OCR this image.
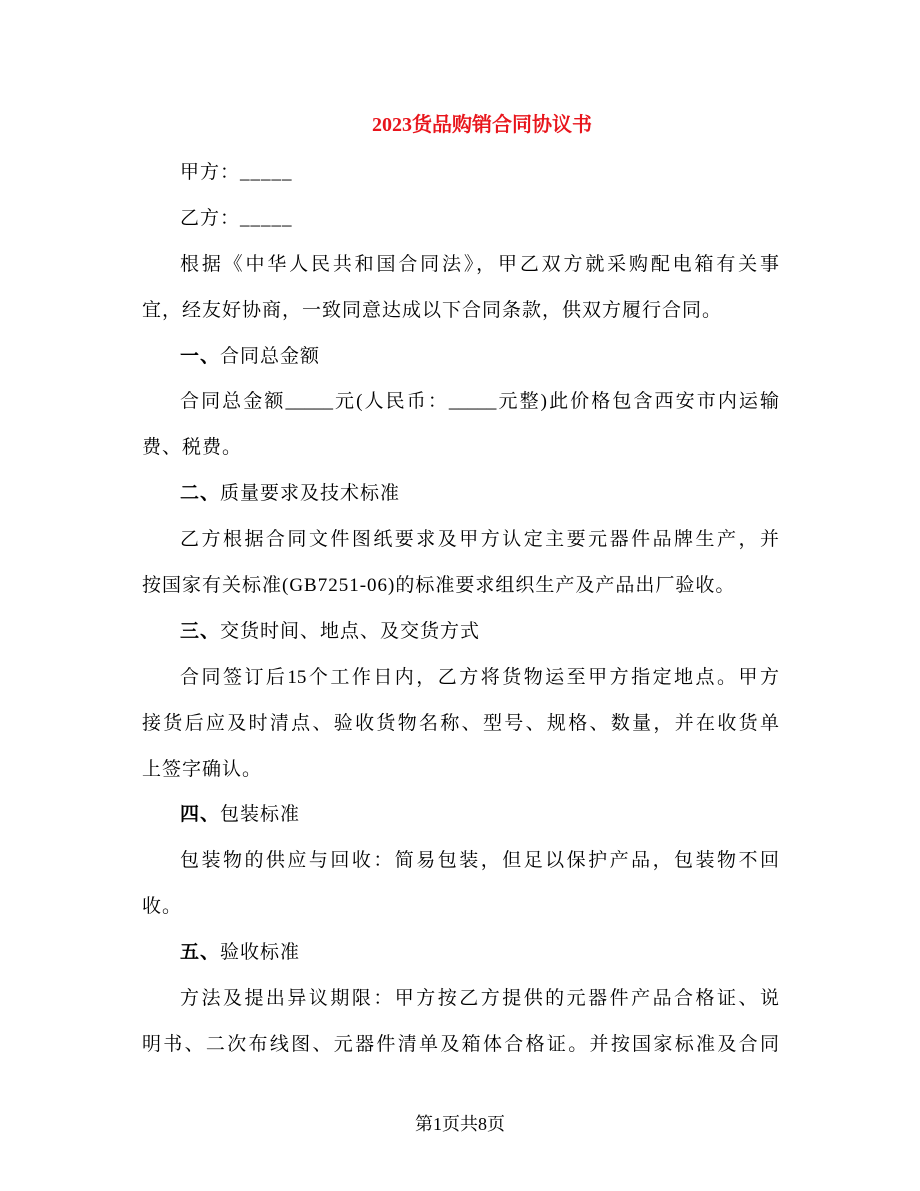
2023货品购销合同协议书
甲方：_____
乙方：_____
根据《中华人民共和国合同法》，甲乙双方就采购配电箱有关事
宜，经友好协商，一致同意达成以下合同条款，供双方履行合同。
一、合同总金额
合同总金额_____元(人民币：_____元整)此价格包含西安市内运输
费、税费。
二、质量要求及技术标准
乙方根据合同文件图纸要求及甲方认定主要元器件品牌生产，并
按国家有关标准(GB7251-06)的标准要求组织生产及产品出厂验收。
三、交货时间、地点、及交货方式
合同签订后15个工作日内，乙方将货物运至甲方指定地点。甲方
接货后应及时清点、验收货物名称、型号、规格、数量，并在收货单
上签字确认。
四、包装标准
包装物的供应与回收：简易包装，但足以保护产品，包装物不回
收。
五、验收标准
方法及提出异议期限：甲方按乙方提供的元器件产品合格证、说
明书、二次布线图、元器件清单及箱体合格证。并按国家标准及合同
第1页共8页
